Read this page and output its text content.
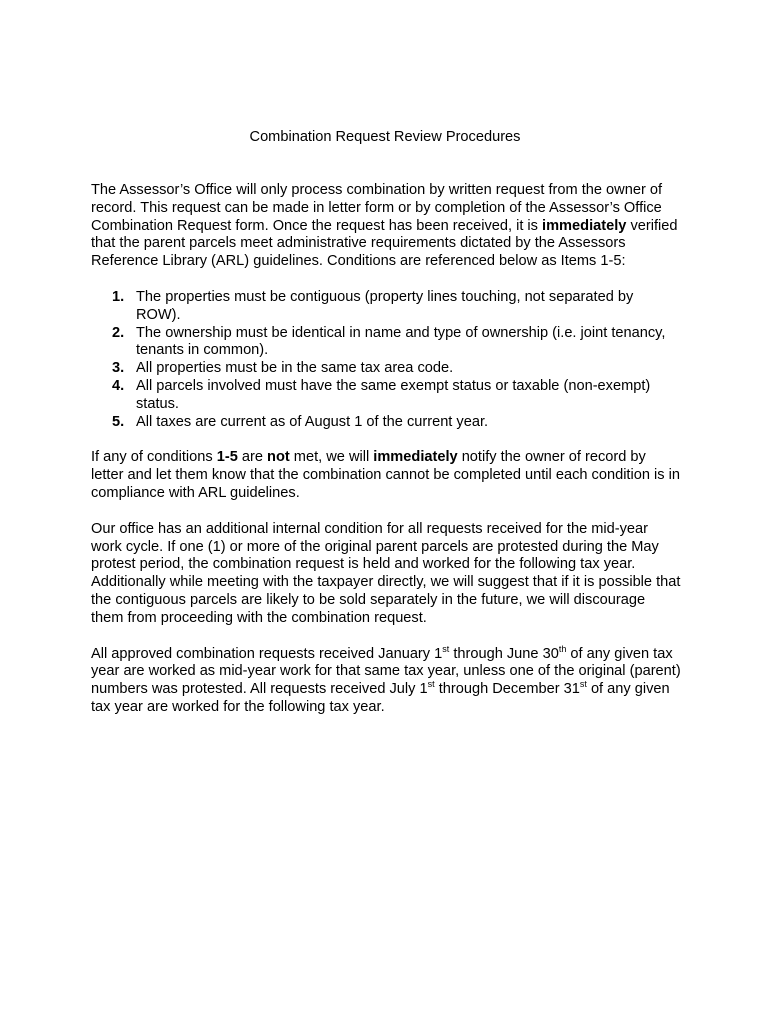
Combination Request Review Procedures

The Assessor’s Office will only process combination by written request from the owner of record. This request can be made in letter form or by completion of the Assessor’s Office Combination Request form. Once the request has been received, it is immediately verified that the parent parcels meet administrative requirements dictated by the Assessors Reference Library (ARL) guidelines. Conditions are referenced below as Items 1-5:

1. The properties must be contiguous (property lines touching, not separated by ROW).
2. The ownership must be identical in name and type of ownership (i.e. joint tenancy, tenants in common).
3. All properties must be in the same tax area code.
4. All parcels involved must have the same exempt status or taxable (non-exempt) status.
5. All taxes are current as of August 1 of the current year.

If any of conditions 1-5 are not met, we will immediately notify the owner of record by letter and let them know that the combination cannot be completed until each condition is in compliance with ARL guidelines.

Our office has an additional internal condition for all requests received for the mid-year work cycle. If one (1) or more of the original parent parcels are protested during the May protest period, the combination request is held and worked for the following tax year. Additionally while meeting with the taxpayer directly, we will suggest that if it is possible that the contiguous parcels are likely to be sold separately in the future, we will discourage them from proceeding with the combination request.

All approved combination requests received January 1st through June 30th of any given tax year are worked as mid-year work for that same tax year, unless one of the original (parent) numbers was protested. All requests received July 1st through December 31st of any given tax year are worked for the following tax year.
